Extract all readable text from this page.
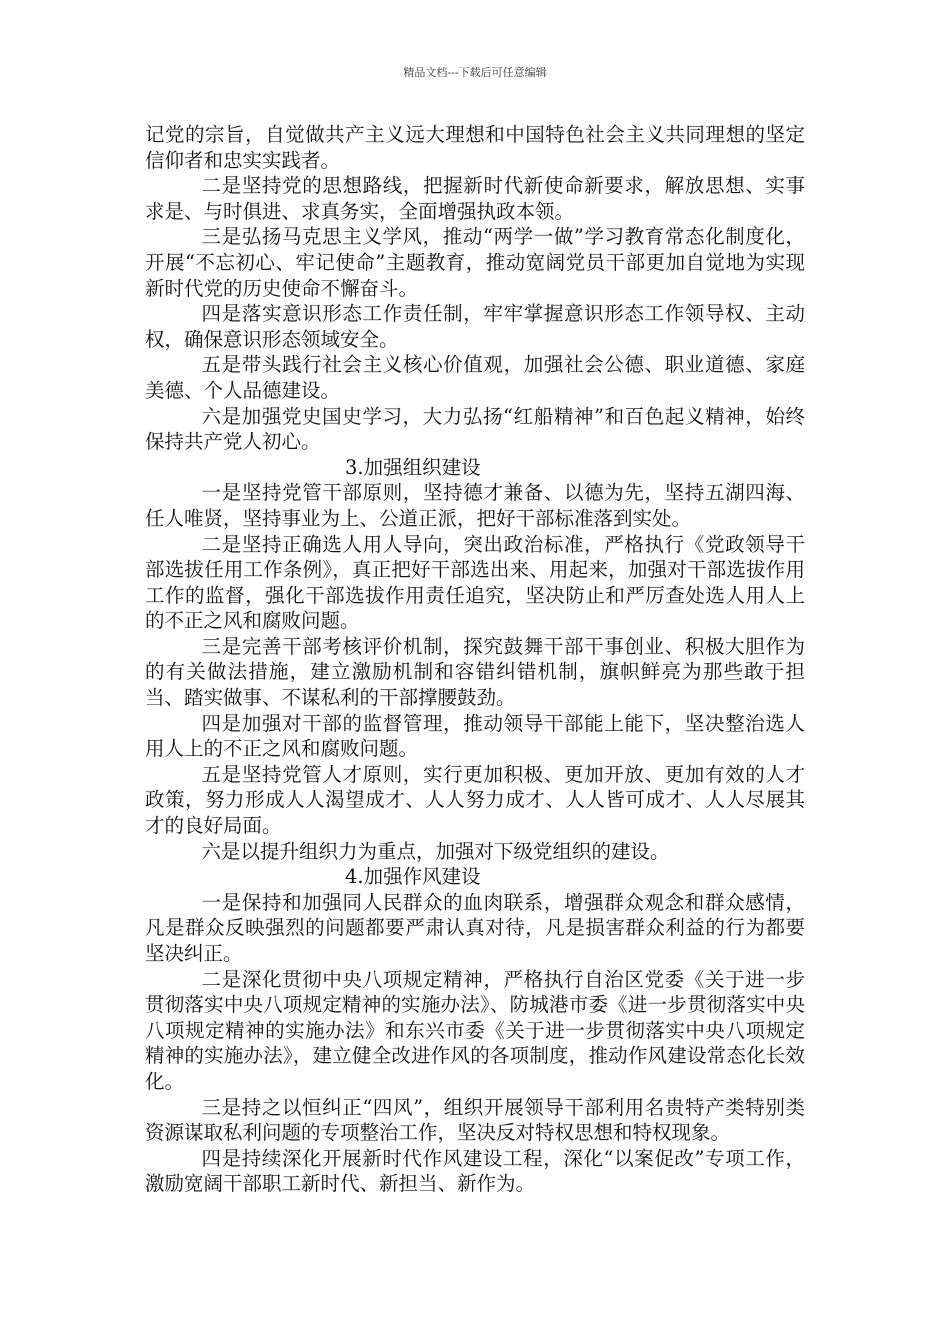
精品文档---下载后可任意编辑

记党的宗旨，自觉做共产主义远大理想和中国特色社会主义共同理想的坚定信仰者和忠实实践者。

二是坚持党的思想路线，把握新时代新使命新要求，解放思想、实事求是、与时俱进、求真务实，全面增强执政本领。

三是弘扬马克思主义学风，推动“两学一做”学习教育常态化制度化，开展“不忘初心、牢记使命”主题教育，推动宽阔党员干部更加自觉地为实现新时代党的历史使命不懈奋斗。

四是落实意识形态工作责任制，牢牢掌握意识形态工作领导权、主动权，确保意识形态领域安全。

五是带头践行社会主义核心价值观，加强社会公德、职业道德、家庭美德、个人品德建设。

六是加强党史国史学习，大力弘扬“红船精神”和百色起义精神，始终保持共产党人初心。

3.加强组织建设

一是坚持党管干部原则，坚持德才兼备、以德为先，坚持五湖四海、任人唯贤，坚持事业为上、公道正派，把好干部标准落到实处。

二是坚持正确选人用人导向，突出政治标准，严格执行《党政领导干部选拔任用工作条例》，真正把好干部选出来、用起来，加强对干部选拔作用工作的监督，强化干部选拔作用责任追究，坚决防止和严厉查处选人用人上的不正之风和腐败问题。

三是完善干部考核评价机制，探究鼓舞干部干事创业、积极大胆作为的有关做法措施，建立激励机制和容错纠错机制，旗帜鲜亮为那些敢于担当、踏实做事、不谋私利的干部撑腰鼓劲。

四是加强对干部的监督管理，推动领导干部能上能下，坚决整治选人用人上的不正之风和腐败问题。

五是坚持党管人才原则，实行更加积极、更加开放、更加有效的人才政策，努力形成人人渴望成才、人人努力成才、人人皆可成才、人人尽展其才的良好局面。

六是以提升组织力为重点，加强对下级党组织的建设。

4.加强作风建设

一是保持和加强同人民群众的血肉联系，增强群众观念和群众感情，凡是群众反映强烈的问题都要严肃认真对待，凡是损害群众利益的行为都要坚决纠正。

二是深化贯彻中央八项规定精神，严格执行自治区党委《关于进一步贯彻落实中央八项规定精神的实施办法》、防城港市委《进一步贯彻落实中央八项规定精神的实施办法》和东兴市委《关于进一步贯彻落实中央八项规定精神的实施办法》，建立健全改进作风的各项制度，推动作风建设常态化长效化。

三是持之以恒纠正“四风”，组织开展领导干部利用名贵特产类特别类资源谋取私利问题的专项整治工作，坚决反对特权思想和特权现象。

四是持续深化开展新时代作风建设工程，深化“以案促改”专项工作，激励宽阔干部职工新时代、新担当、新作为。
